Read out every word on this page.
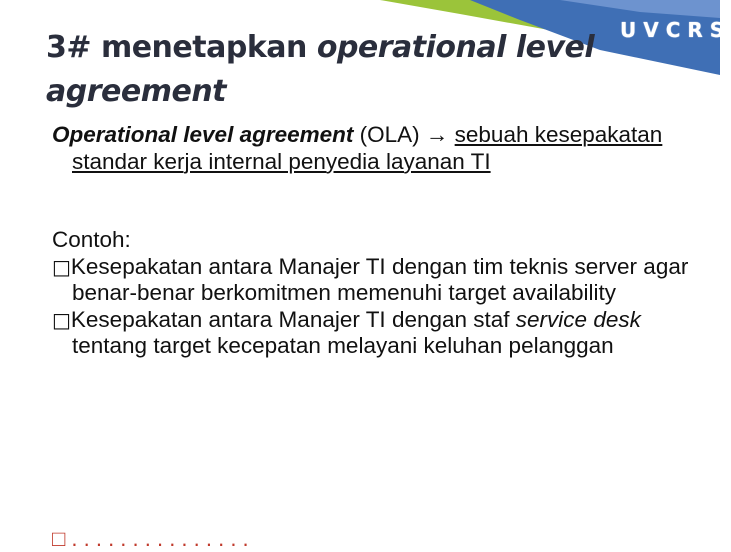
UVCRS
3# menetapkan operational level agreement
Operational level agreement (OLA) → sebuah kesepakatan standar kerja internal penyedia layanan TI
Contoh:
□Kesepakatan antara Manajer TI dengan tim teknis server agar benar-benar berkomitmen memenuhi target availability
□Kesepakatan antara Manajer TI dengan staf service desk tentang target kecepatan melayani keluhan pelanggan
□ . . . . . . . . . . . . . . .
